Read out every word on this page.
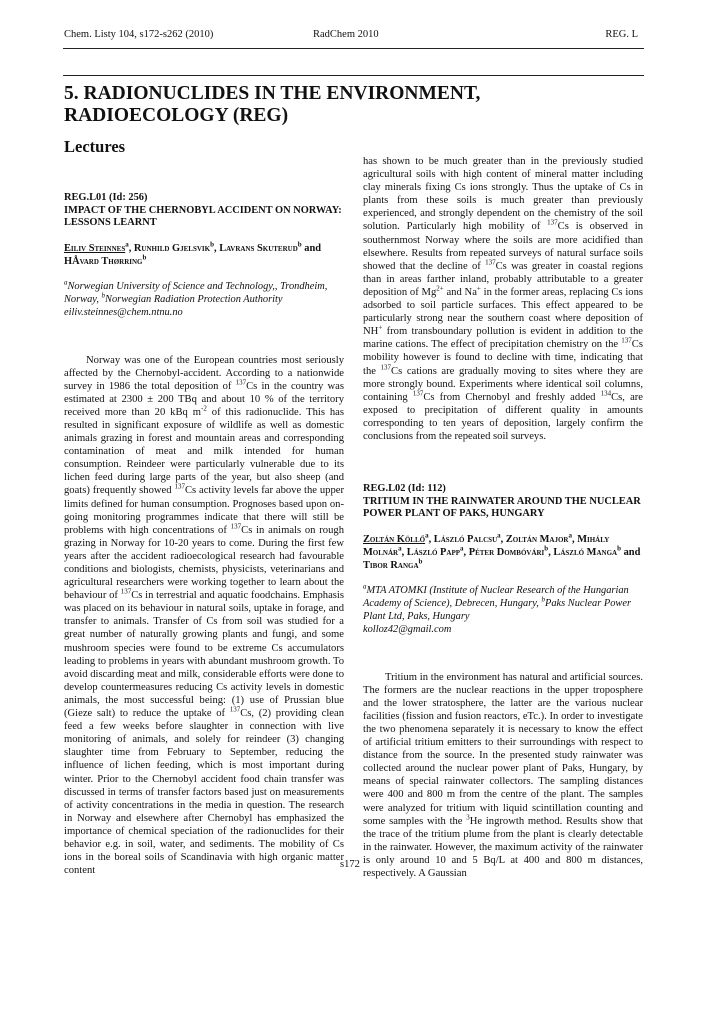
Chem. Listy 104, s172-s262 (2010)	RadChem 2010	REG. L
5. RADIONUCLIDES IN THE ENVIRONMENT,
RADIOECOLOGY (REG)
Lectures
REG.L01 (Id: 256)
IMPACT OF THE CHERNOBYL ACCIDENT ON NORWAY: LESSONS LEARNT
Eiliv Steinnes$^a$, Runhild Gjelsvik$^b$, Lavrans Skuterud$^b$ and HÅvard Thørring$^b$
$^a$Norwegian University of Science and Technology,, Trondheim, Norway, $^b$Norwegian Radiation Protection Authority
eiliv.steinnes@chem.ntnu.no

Norway was one of the European countries most seriously affected by the Chernobyl-accident. According to a nationwide survey in 1986 the total deposition of $^{137}$Cs in the country was estimated at 2300 ± 200 TBq and about 10 % of the territory received more than 20 kBq $m^{-2}$ of this radionuclide. This has resulted in significant exposure of wildlife as well as domestic animals grazing in forest and mountain areas and corresponding contamination of meat and milk intended for human consumption. Reindeer were particularly vulnerable due to its lichen feed during large parts of the year, but also sheep (and goats) frequently showed $^{137}$Cs activity levels far above the upper limits defined for human consumption. Prognoses based upon on-going monitoring programmes indicate that there will still be problems with high concentrations of $^{137}$Cs in animals on rough grazing in Norway for 10-20 years to come. During the first few years after the accident radioecological research had favourable conditions and biologists, chemists, physicists, veterinarians and agricultural researchers were working together to learn about the behaviour of $^{137}$Cs in terrestrial and aquatic foodchains. Emphasis was placed on its behaviour in natural soils, uptake in forage, and transfer to animals. Transfer of Cs from soil was studied for a great number of naturally growing plants and fungi, and some mushroom species were found to be extreme Cs accumulators leading to problems in years with abundant mushroom growth. To avoid discarding meat and milk, considerable efforts were done to develop countermeasures reducing Cs activity levels in domestic animals, the most successful being: (1) use of Prussian blue (Gieze salt) to reduce the uptake of $^{137}$Cs, (2) providing clean feed a few weeks before slaughter in connection with live monitoring of animals, and solely for reindeer (3) changing slaughter time from February to September, reducing the influence of lichen feeding, which is most important during winter. Prior to the Chernobyl accident food chain transfer was discussed in terms of transfer factors based just on measurements of activity concentrations in the media in question. The research in Norway and elsewhere after Chernobyl has emphasized the importance of chemical speciation of the radionuclides for their behavior e.g. in soil, water, and sediments. The mobility of Cs ions in the boreal soils of Scandinavia with high organic matter content

has shown to be much greater than in the previously studied agricultural soils with high content of mineral matter including clay minerals fixing Cs ions strongly. Thus the uptake of Cs in plants from these soils is much greater than previously experienced, and strongly dependent on the chemistry of the soil solution. Particularly high mobility of $^{137}$Cs is observed in southernmost Norway where the soils are more acidified than elsewhere. Results from repeated surveys of natural surface soils showed that the decline of $^{137}$Cs was greater in coastal regions than in areas farther inland, probably attributable to a greater deposition of $Mg^{2+}$ and Na+ in the former areas, replacing Cs ions adsorbed to soil particle surfaces. This effect appeared to be particularly strong near the southern coast where deposition of NH+ from transboundary pollution is evident in addition to the marine cations. The effect of precipitation chemistry on the $^{137}$Cs mobility however is found to decline with time, indicating that the $^{137}$Cs cations are gradually moving to sites where they are more strongly bound. Experiments where identical soil columns, containing $^{137}$Cs from Chernobyl and freshly added $^{134}$Cs, are exposed to precipitation of different quality in amounts corresponding to ten years of deposition, largely confirm the conclusions from the repeated soil surveys.

REG.L02 (Id: 112)
TRITIUM IN THE RAINWATER AROUND THE NUCLEAR POWER PLANT OF PAKS, HUNGARY
Zoltán Köllő$^a$, László Palcsu$^a$, Zoltán Major$^a$, Mihály Molnár$^a$, László Papp$^a$, Péter Dombóvári$^b$, László Manga$^b$ and Tibor Ranga$^b$
$^a$MTA ATOMKI (Institute of Nuclear Research of the Hungarian Academy of Science), Debrecen, Hungary, $^b$Paks Nuclear Power Plant Ltd, Paks, Hungary
kolloz42@gmail.com

Tritium in the environment has natural and artificial sources. The formers are the nuclear reactions in the upper troposphere and the lower stratosphere, the latter are the various nuclear facilities (fission and fusion reactors, eTc.). In order to investigate the two phenomena separately it is necessary to know the effect of artificial tritium emitters to their surroundings with respect to distance from the source. In the presented study rainwater was collected around the nuclear power plant of Paks, Hungary, by means of special rainwater collectors. The sampling distances were 400 and 800 m from the centre of the plant. The samples were analyzed for tritium with liquid scintillation counting and some samples with the $^3$He ingrowth method. Results show that the trace of the tritium plume from the plant is clearly detectable in the rainwater. However, the maximum activity of the rainwater is only around 10 and 5 Bq/L at 400 and 800 m distances, respectively. A Gaussian

s172
